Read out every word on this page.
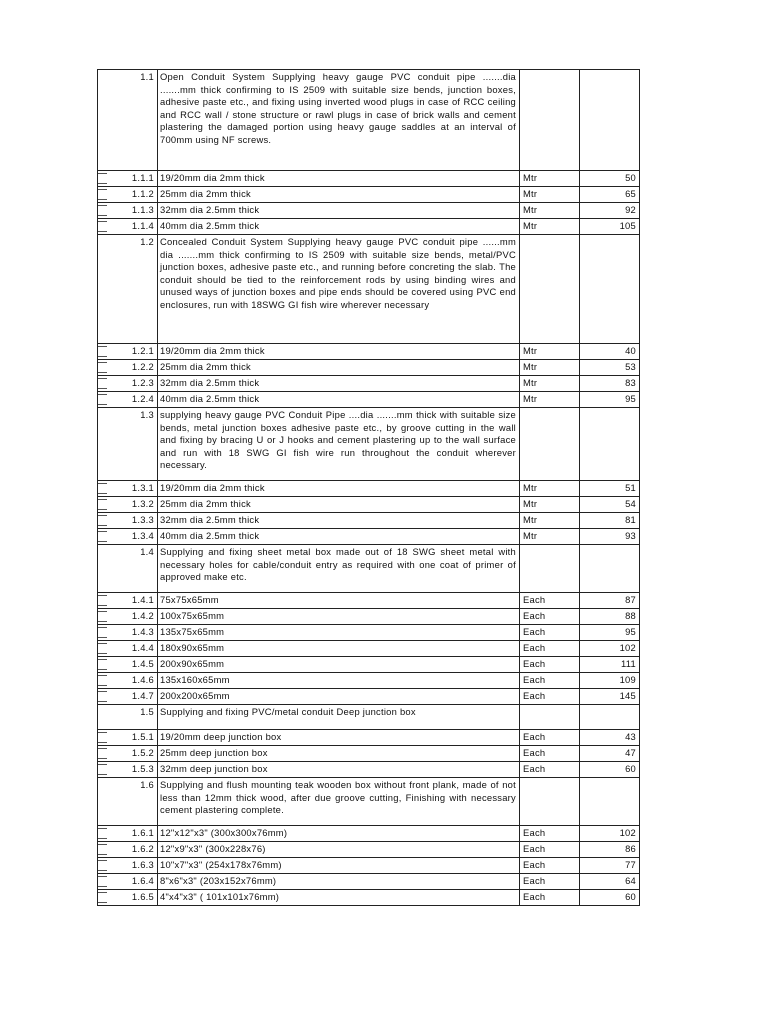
1.1	Open Conduit System Supplying heavy gauge PVC conduit pipe .......dia .......mm thick confirming to IS 2509 with suitable size bends, junction boxes, adhesive paste etc., and fixing using inverted wood plugs in case of RCC ceiling and RCC wall / stone structure or rawl plugs in case of brick walls and cement plastering the damaged portion using heavy gauge saddles at an interval of 700mm using NF screws.		

1.1.1	19/20mm dia 2mm thick	Mtr	50

1.1.2	25mm dia 2mm thick	Mtr	65

1.1.3	32mm dia 2.5mm thick	Mtr	92

1.1.4	40mm dia 2.5mm thick	Mtr	105
1.2	Concealed Conduit System Supplying heavy gauge PVC conduit pipe ......mm dia .......mm thick confirming to IS 2509 with suitable size bends, metal/PVC junction boxes, adhesive paste etc., and running before concreting the slab. The conduit should be tied to the reinforcement rods by using binding wires and unused ways of junction boxes and pipe ends should be covered using PVC end enclosures, run with 18SWG GI fish wire wherever necessary		

1.2.1	19/20mm dia 2mm thick	Mtr	40

1.2.2	25mm dia 2mm thick	Mtr	53

1.2.3	32mm dia 2.5mm thick	Mtr	83

1.2.4	40mm dia 2.5mm thick	Mtr	95
1.3	supplying heavy gauge PVC Conduit Pipe ....dia .......mm thick with suitable size bends, metal junction boxes adhesive paste etc., by groove cutting in the wall and fixing by bracing U or J hooks and cement plastering up to the wall surface and run with 18 SWG GI fish wire run throughout the conduit wherever necessary.		

1.3.1	19/20mm dia 2mm thick	Mtr	51

1.3.2	25mm dia 2mm thick	Mtr	54

1.3.3	32mm dia 2.5mm thick	Mtr	81

1.3.4	40mm dia 2.5mm thick	Mtr	93
1.4	Supplying and fixing sheet metal box made out of 18 SWG sheet metal with necessary holes for cable/conduit entry as required with one coat of primer of approved make etc.		

1.4.1	75x75x65mm	Each	87

1.4.2	100x75x65mm	Each	88

1.4.3	135x75x65mm	Each	95

1.4.4	180x90x65mm	Each	102

1.4.5	200x90x65mm	Each	111

1.4.6	135x160x65mm	Each	109

1.4.7	200x200x65mm	Each	145
1.5	Supplying and fixing PVC/metal conduit Deep junction box		

1.5.1	19/20mm deep junction box	Each	43

1.5.2	25mm deep junction box	Each	47

1.5.3	32mm deep junction box	Each	60
1.6	Supplying and flush mounting teak wooden box without front plank, made of not less than 12mm thick wood, after due groove cutting, Finishing with necessary cement plastering complete.		

1.6.1	12"x12"x3" (300x300x76mm)	Each	102

1.6.2	12"x9"x3" (300x228x76)	Each	86

1.6.3	10"x7"x3" (254x178x76mm)	Each	77

1.6.4	8"x6"x3" (203x152x76mm)	Each	64

1.6.5	4"x4"x3" ( 101x101x76mm)	Each	60
